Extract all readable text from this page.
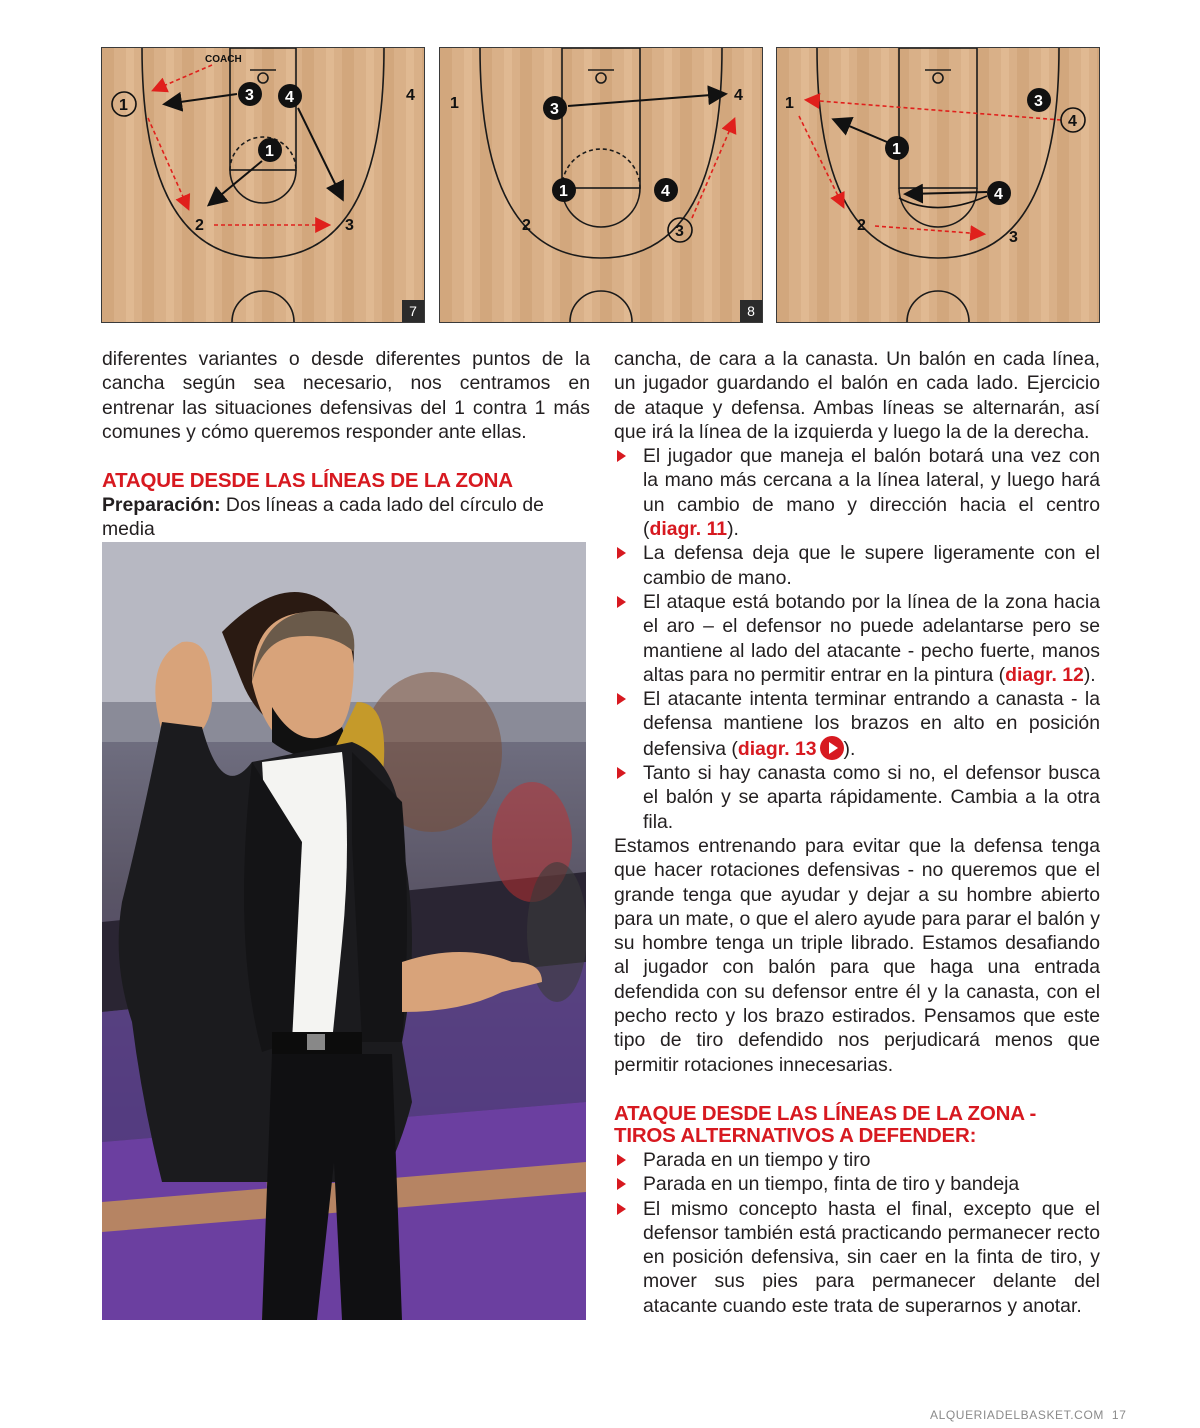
COACH
1
3 4
1
4
2	3
7
1	3
4
1	4
2	3
8
1	3
4
1
4
2
3

diferentes variantes o desde diferentes puntos de la cancha según sea necesario, nos centramos en entrenar las situaciones defensivas del 1 contra 1 más comunes y cómo queremos responder ante ellas.

ATAQUE DESDE LAS LÍNEAS DE LA ZONA

Preparación: Dos líneas a cada lado del círculo de media

cancha, de cara a la canasta. Un balón en cada línea, un jugador guardando el balón en cada lado. Ejercicio de ataque y defensa. Ambas líneas se alternarán, así que irá la línea de la izquierda y luego la de la derecha.

El jugador que maneja el balón botará una vez con la mano más cercana a la línea lateral, y luego hará un cambio de mano y dirección hacia el centro (diagr. 11).
La defensa deja que le supere ligeramente con el cambio de mano.
El ataque está botando por la línea de la zona hacia el aro – el defensor no puede adelantarse pero se mantiene al lado del atacante - pecho fuerte, manos altas para no permitir entrar en la pintura (diagr. 12).
El atacante intenta terminar entrando a canasta - la defensa mantiene los brazos en alto en posición defensiva (diagr. 13 ).
Tanto si hay canasta como si no, el defensor busca el balón y se aparta rápidamente. Cambia a la otra fila.

Estamos entrenando para evitar que la defensa tenga que hacer rotaciones defensivas - no queremos que el grande tenga que ayudar y dejar a su hombre abierto para un mate, o que el alero ayude para parar el balón y su hombre tenga un triple librado. Estamos desafiando al jugador con balón para que haga una entrada defendida con su defensor entre él y la canasta, con el pecho recto y los brazo estirados. Pensamos que este tipo de tiro defendido nos perjudicará menos que permitir rotaciones innecesarias.

ATAQUE DESDE LAS LÍNEAS DE LA ZONA -
TIROS ALTERNATIVOS A DEFENDER:
Parada en un tiempo y tiro
Parada en un tiempo, finta de tiro y bandeja
El mismo concepto hasta el final, excepto que el defensor también está practicando permanecer recto en posición defensiva, sin caer en la finta de tiro, y mover sus pies para permanecer delante del atacante cuando este trata de superarnos y anotar.
ALQUERIADELBASKET.COM 17
